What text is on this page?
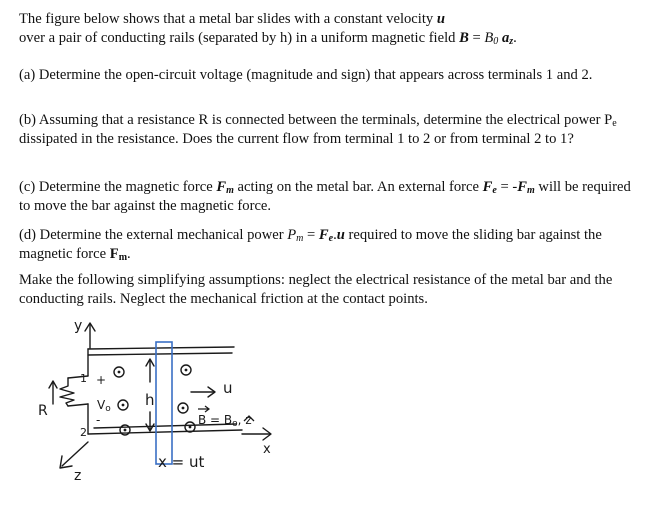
The figure below shows that a metal bar slides with a constant velocity u
over a pair of conducting rails (separated by h) in a uniform magnetic field $B = B_0$ $a_z$.

(a) Determine the open-circuit voltage (magnitude and sign) that appears across terminals 1 and 2.

(b) Assuming that a resistance R is connected between the terminals, determine the electrical power $P_e$ dissipated in the resistance. Does the current flow from terminal 1 to 2 or from terminal 2 to 1?

(c) Determine the magnetic force $F_m$ acting on the metal bar. An external force $F_e = -F_m$ will be required to move the bar against the magnetic force.

(d) Determine the external mechanical power $P_m = F_e.u$ required to move the sliding bar against the magnetic force $F_m$.

Make the following simplifying assumptions: neglect the electrical resistance of the metal bar and the conducting rails. Neglect the mechanical friction at the contact points.

y
R
1
2
+
-
Vo h
u
B = Bo, z
x
z
x = ut
